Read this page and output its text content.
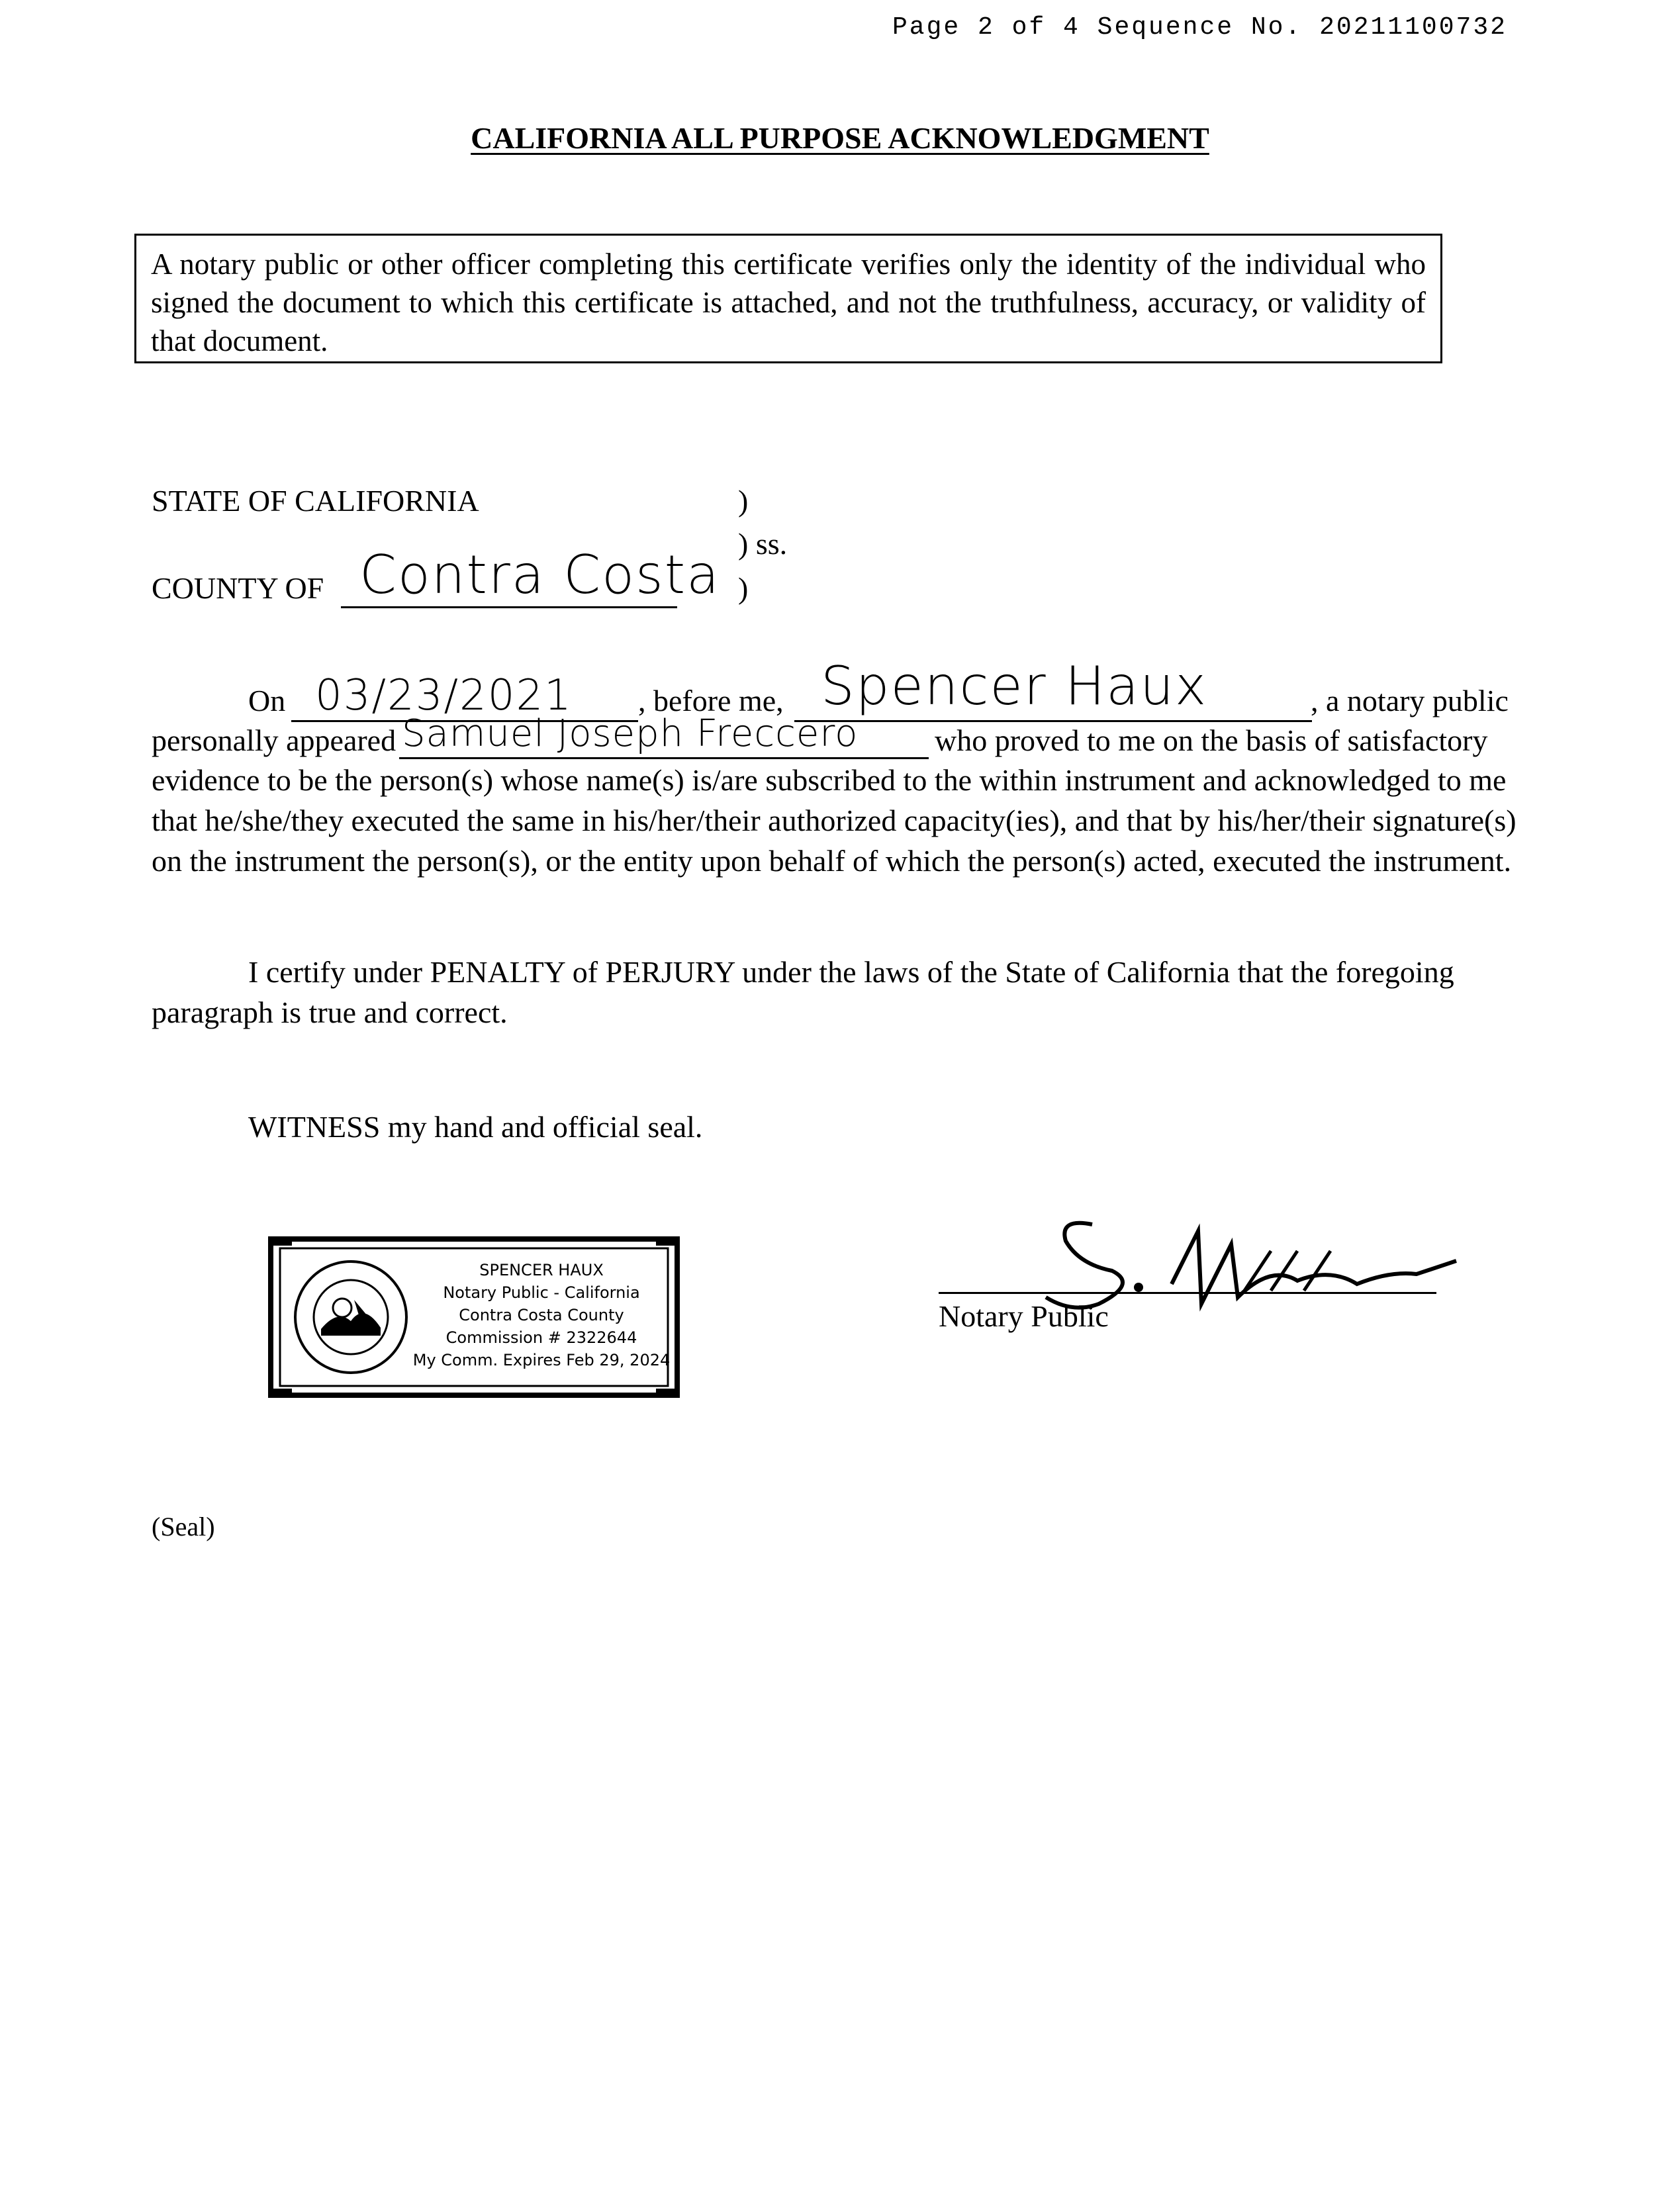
Page 2 of 4 Sequence No. 20211100732
CALIFORNIA ALL PURPOSE ACKNOWLEDGMENT
A notary public or other officer completing this certificate verifies only the identity of the individual who signed the document to which this certificate is attached, and not the truthfulness, accuracy, or validity of that document.
STATE OF CALIFORNIA	)
) ss.
COUNTY OF Contra Costa )
On 03/23/2021 , before me, Spencer Haux	, a notary public
personally appeared Samuel Joseph Freccero	who proved to me on the basis of satisfactory
evidence to be the person(s) whose name(s) is/are subscribed to the within instrument and acknowledged to me that he/she/they executed the same in his/her/their authorized capacity(ies), and that by his/her/their signature(s) on the instrument the person(s), or the entity upon behalf of which the person(s) acted, executed the instrument.
I certify under PENALTY of PERJURY under the laws of the State of California that the foregoing paragraph is true and correct.
WITNESS my hand and official seal.
SPENCER HAUX
Notary Public - California
Contra Costa County
Commission # 2322644
My Comm. Expires Feb 29, 2024
Notary Public
(Seal)
